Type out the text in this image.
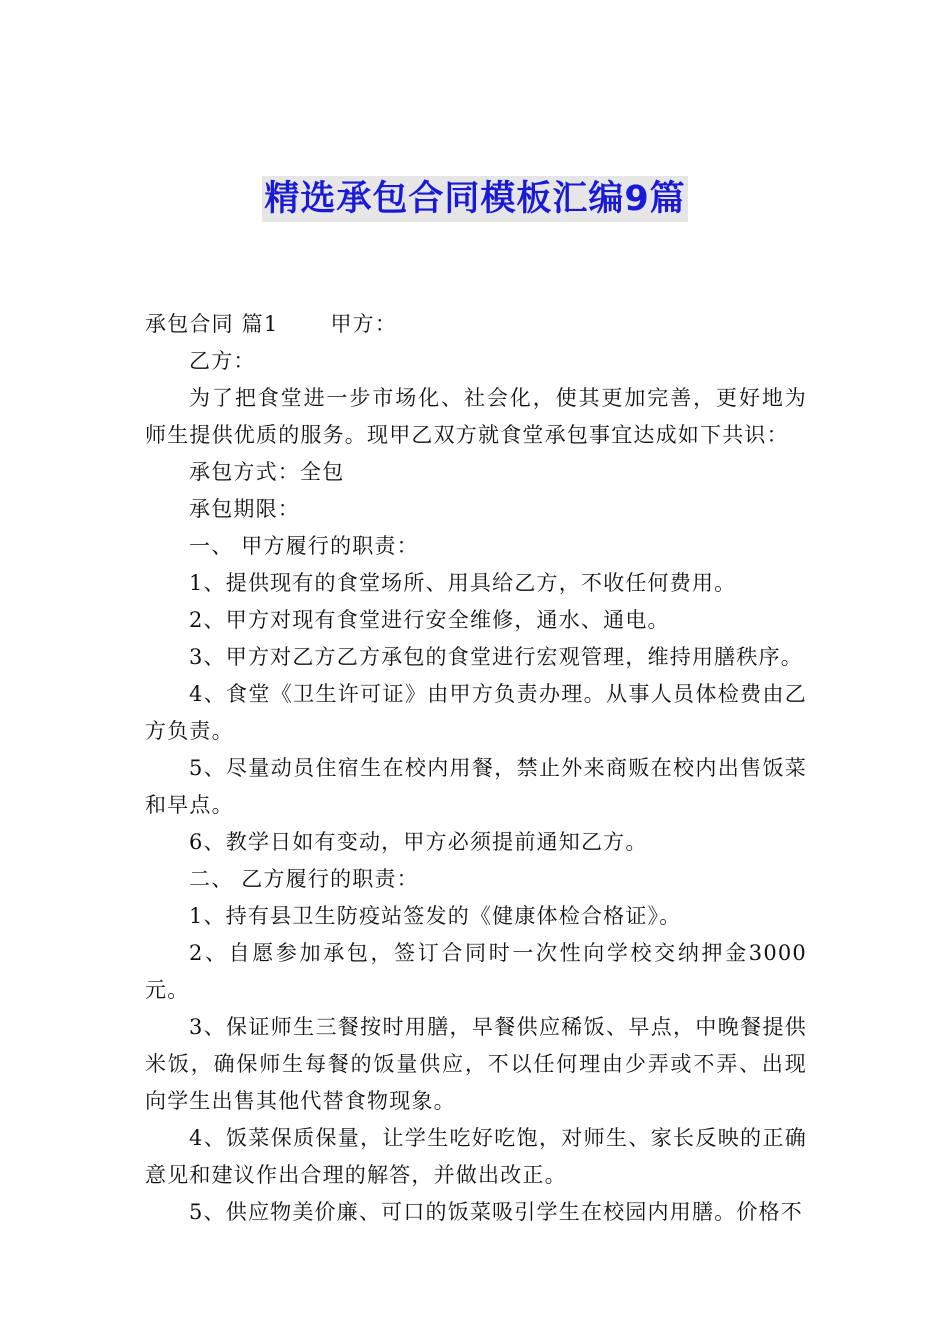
精选承包合同模板汇编9篇

承包合同 篇1 甲方：

乙方：

为了把食堂进一步市场化、社会化，使其更加完善，更好地为师生提供优质的服务。现甲乙双方就食堂承包事宜达成如下共识：

承包方式：全包

承包期限：

一、 甲方履行的职责：

1、提供现有的食堂场所、用具给乙方，不收任何费用。

2、甲方对现有食堂进行安全维修，通水、通电。

3、甲方对乙方乙方承包的食堂进行宏观管理，维持用膳秩序。

4、食堂《卫生许可证》由甲方负责办理。从事人员体检费由乙方负责。

5、尽量动员住宿生在校内用餐，禁止外来商贩在校内出售饭菜和早点。

6、教学日如有变动，甲方必须提前通知乙方。

二、 乙方履行的职责：

1、持有县卫生防疫站签发的《健康体检合格证》。

2、自愿参加承包，签订合同时一次性向学校交纳押金3000元。

3、保证师生三餐按时用膳，早餐供应稀饭、早点，中晚餐提供米饭，确保师生每餐的饭量供应，不以任何理由少弄或不弄、出现向学生出售其他代替食物现象。

4、饭菜保质保量，让学生吃好吃饱，对师生、家长反映的正确意见和建议作出合理的解答，并做出改正。

5、供应物美价廉、可口的饭菜吸引学生在校园内用膳。价格不
